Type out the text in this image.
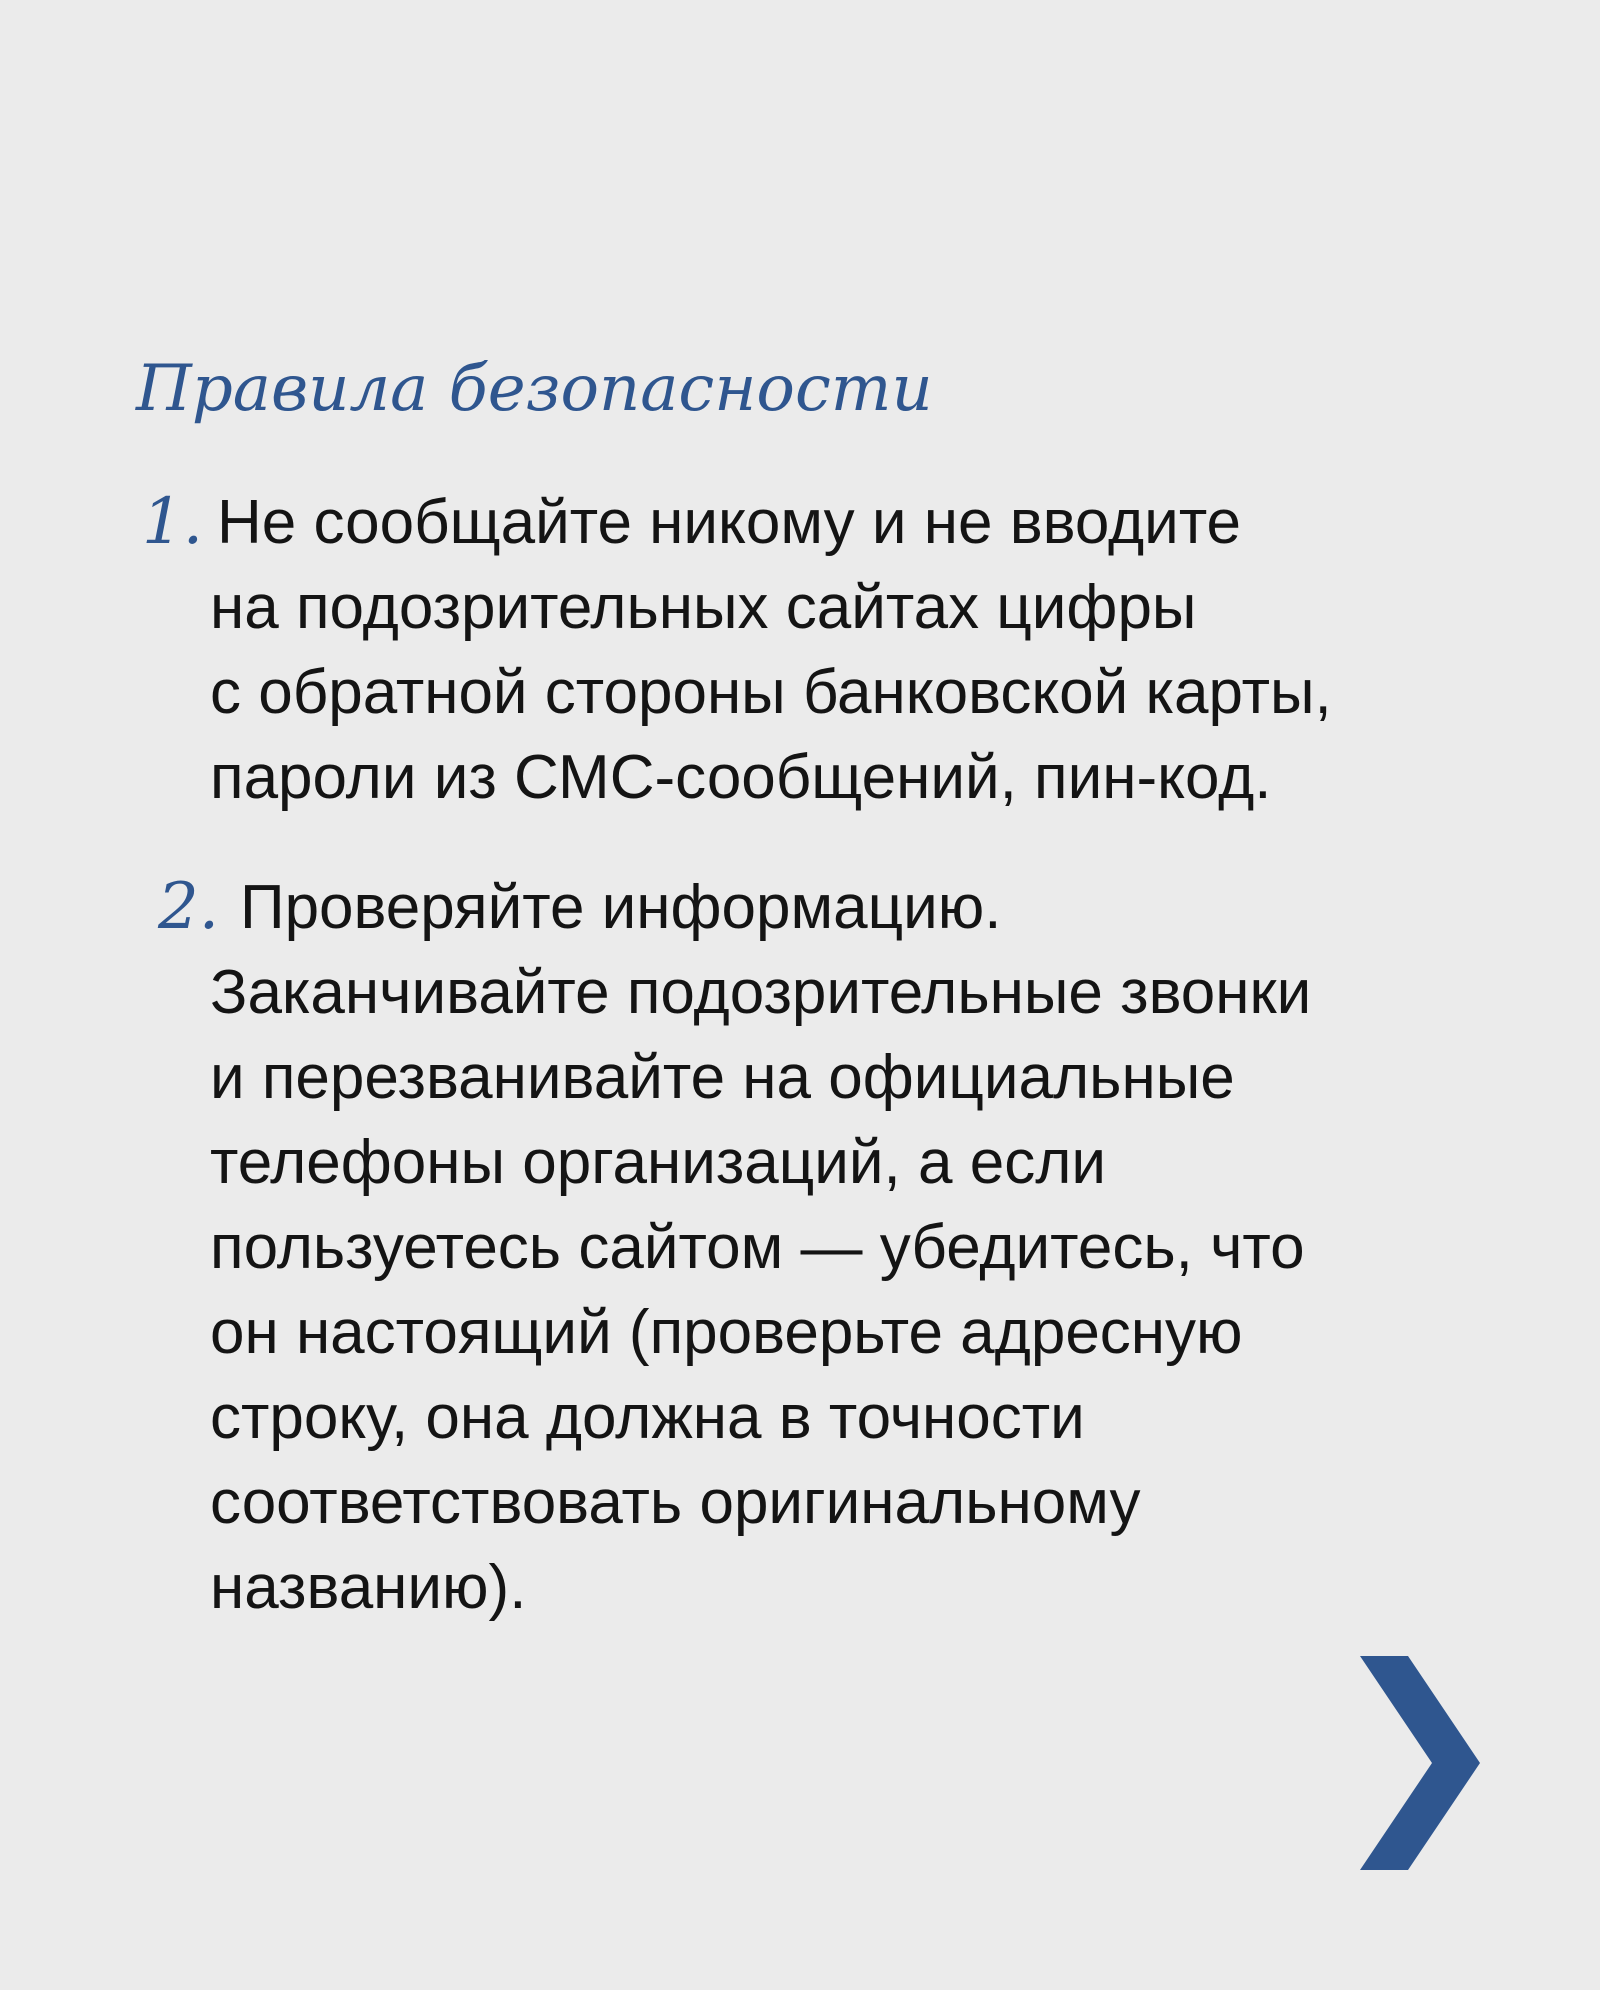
Правила безопасности
1. Не сообщайте никому и не вводите
на подозрительных сайтах цифры
с обратной стороны банковской карты,
пароли из СМС-сообщений, пин-код.
2. Проверяйте информацию.
Заканчивайте подозрительные звонки
и перезванивайте на официальные
телефоны организаций, а если
пользуетесь сайтом — убедитесь, что
он настоящий (проверьте адресную
строку, она должна в точности
соответствовать оригинальному
названию).
